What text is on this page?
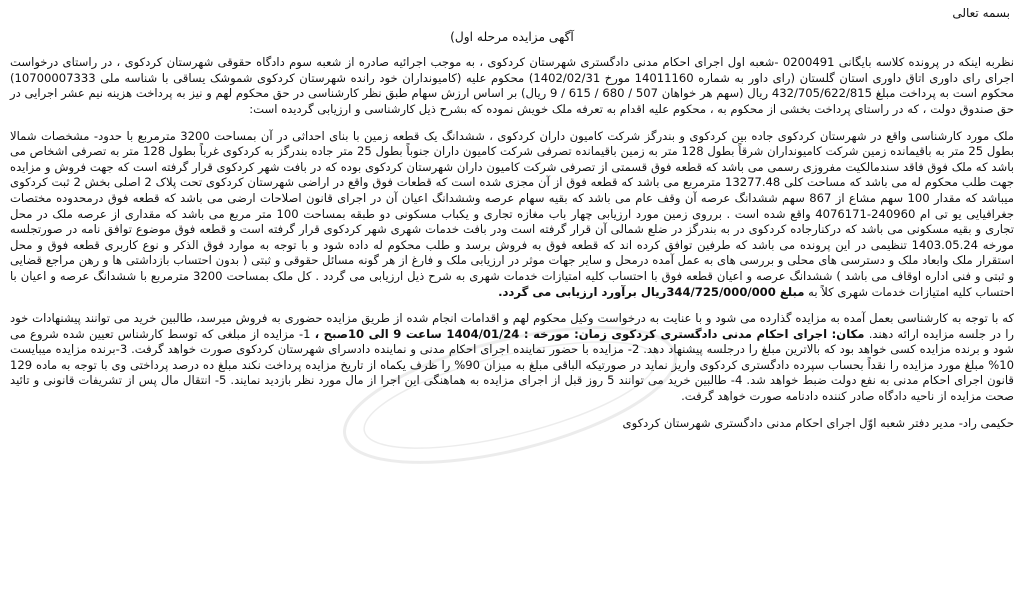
بسمه تعالی
آگهی مزایده مرحله اول)

نظربه اینکه در پرونده کلاسه بایگانی 0200491 -شعبه اول اجرای احکام مدنی دادگستری شهرستان کردکوی ، به موجب اجرائیه صادره از شعبه سوم دادگاه حقوقی شهرستان کردکوی ، در راستای درخواست اجرای رای داوری اتاق داوری استان گلستان (رای داور به شماره 14011160 مورخ 1402/02/31) محکوم علیه (کامیونداران خود رانده شهرستان کردکوی شموشک یساقی با شناسه ملی 10700007333) محکوم است به پرداخت مبلغ 432/705/622/815 ریال (سهم هر خواهان 507 / 680 / 615 / 9 ریال) بر اساس ارزش سهام طبق نظر کارشناسی در حق محکوم لهم و نیز به پرداخت هزینه نیم عشر اجرایی در حق صندوق دولت ، که در راستای پرداخت بخشی از محکوم به ، محکوم علیه اقدام به تعرفه ملک خویش نموده که بشرح ذیل کارشناسی و ارزیابی گردیده است:

ملک مورد کارشناسی واقع در شهرستان کردکوی جاده بین کردکوی و بندرگز شرکت کامیون داران کردکوی ، ششدانگ یک قطعه زمین با بنای احداثی در آن بمساحت 3200 مترمربع با حدود- مشخصات شمالا بطول 25 متر به باقیمانده زمین شرکت کامیونداران شرقاً بطول 128 متر به زمین باقیمانده تصرفی شرکت کامیون داران جنوباً بطول 25 متر جاده بندرگز به کردکوی غرباً بطول 128 متر به تصرفی اشخاص می باشد که ملک فوق فاقد سندمالکیت مفروزی رسمی می باشد که قطعه فوق قسمتی از تصرفی شرکت کامیون داران شهرستان کردکوی بوده که در بافت شهر کردکوی قرار گرفته است که جهت فروش و مزایده جهت طلب محکوم له می باشد که مساحت کلی 13277.48 مترمربع می باشد که قطعه فوق از آن مجزی شده است که قطعات فوق واقع در اراضی شهرستان کردکوی تحت پلاک 2 اصلی بخش 2 ثبت کردکوی میباشد که مقدار 100 سهم مشاع از 867 سهم ششدانگ عرصه آن وقف عام می باشد که بقیه سهام عرصه وششدانگ اعیان آن در اجرای قانون اصلاحات ارضی می باشد که قطعه فوق درمحدوده مختصات جغرافیایی یو تی ام 240960-4076171 واقع شده است . برروی زمین مورد ارزیابی چهار باب مغازه تجاری و یکباب مسکونی دو طبقه بمساحت 100 متر مربع می باشد که مقداری از عرصه ملک در محل تجاری و بقیه مسکونی می باشد که درکنارجاده کردکوی در به بندرگز در ضلع شمالی آن قرار گرفته است ودر بافت خدمات شهری شهر کردکوی قرار گرفته است و قطعه فوق موضوع توافق نامه در صورتجلسه مورخه 1403.05.24 تنظیمی در این پرونده می باشد که طرفین توافق کرده اند که قطعه فوق به فروش برسد و طلب محکوم له داده شود و با توجه به موارد فوق الذکر و نوع کاربری قطعه فوق و محل استقرار ملک وابعاد ملک و دسترسی های محلی و بررسی های به عمل آمده درمحل و سایر جهات موثر در ارزیابی ملک و فارغ از هر گونه مسائل حقوقی و ثبتی ( بدون احتساب بازداشتی ها و رهن مراجع قضایی و ثبتی و فنی اداره اوقاف می باشد ) ششدانگ عرصه و اعیان قطعه فوق با احتساب کلیه امتیازات خدمات شهری به شرح ذیل ارزیابی می گردد . کل ملک بمساحت 3200 مترمربع با ششدانگ عرصه و اعیان با احتساب کلیه امتیازات خدمات شهری کلاً به مبلغ 344/725/000/000ریال برآورد ارزیابی می گردد.

که با توجه به کارشناسی بعمل آمده به مزایده گذارده می شود و با عنایت به درخواست وکیل محکوم لهم و اقدامات انجام شده از طریق مزایده حضوری به فروش میرسد، طالبین خرید می توانند پیشنهادات خود را در جلسه مزایده ارائه دهند. مکان: اجرای احکام مدنی دادگستری کردکوی زمان: مورخه : 1404/01/24 ساعت 9 الی 10صبح ، 1- مزایده از مبلغی که توسط کارشناس تعیین شده شروع می شود و برنده مزایده کسی خواهد بود که بالاترین مبلغ را درجلسه پیشنهاد دهد. 2- مزایده با حضور نماینده اجرای احکام مدنی و نماینده دادسرای شهرستان کردکوی صورت خواهد گرفت. 3-برنده مزایده میبایست 10% مبلغ مورد مزایده را نقداً بحساب سپرده دادگستری کردکوی واریز نماید در صورتیکه الباقی مبلغ به میزان 90% را ظرف یکماه از تاریخ مزایده پرداخت نکند مبلغ ده درصد پرداختی وی با توجه به ماده 129 قانون اجرای احکام مدنی به نفع دولت ضبط خواهد شد. 4- طالبین خرید می توانند 5 روز قبل از اجرای مزایده به هماهنگی این اجرا از مال مورد نظر بازدید نمایند. 5- انتقال مال پس از تشریفات قانونی و تائید صحت مزایده از ناحیه دادگاه صادر کننده دادنامه صورت خواهد گرفت.

حکیمی راد- مدیر دفتر شعبه اوّل اجرای احکام مدنی دادگستری شهرستان کردکوی
